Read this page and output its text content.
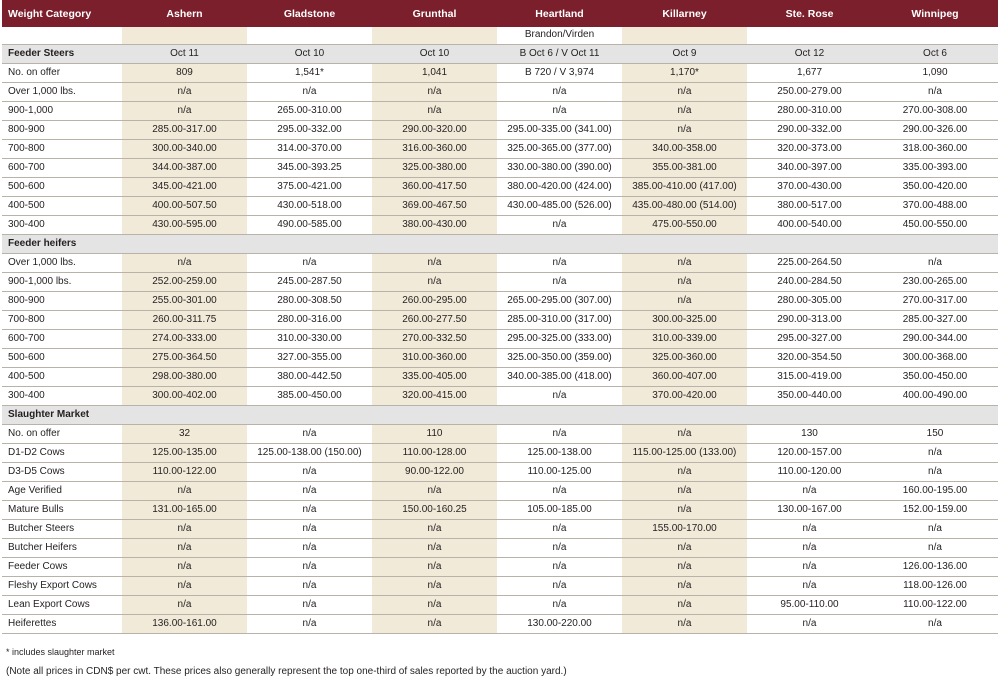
Weight Category	Ashern	Gladstone	Grunthal	Heartland	Killarney	Ste. Rose	Winnipeg
				Brandon/Virden			
Feeder Steers	Oct 11	Oct 10	Oct 10	B Oct 6 / V Oct 11	Oct 9	Oct 12	Oct 6
No. on offer	809	1,541*	1,041	B 720 / V 3,974	1,170*	1,677	1,090
Over 1,000 lbs.	n/a	n/a	n/a	n/a	n/a	250.00-279.00	n/a
900-1,000	n/a	265.00-310.00	n/a	n/a	n/a	280.00-310.00	270.00-308.00
800-900	285.00-317.00	295.00-332.00	290.00-320.00	295.00-335.00 (341.00)	n/a	290.00-332.00	290.00-326.00
700-800	300.00-340.00	314.00-370.00	316.00-360.00	325.00-365.00 (377.00)	340.00-358.00	320.00-373.00	318.00-360.00
600-700	344.00-387.00	345.00-393.25	325.00-380.00	330.00-380.00 (390.00)	355.00-381.00	340.00-397.00	335.00-393.00
500-600	345.00-421.00	375.00-421.00	360.00-417.50	380.00-420.00 (424.00)	385.00-410.00 (417.00)	370.00-430.00	350.00-420.00
400-500	400.00-507.50	430.00-518.00	369.00-467.50	430.00-485.00 (526.00)	435.00-480.00 (514.00)	380.00-517.00	370.00-488.00
300-400	430.00-595.00	490.00-585.00	380.00-430.00	n/a	475.00-550.00	400.00-540.00	450.00-550.00
Feeder heifers							
Over 1,000 lbs.	n/a	n/a	n/a	n/a	n/a	225.00-264.50	n/a
900-1,000 lbs.	252.00-259.00	245.00-287.50	n/a	n/a	n/a	240.00-284.50	230.00-265.00
800-900	255.00-301.00	280.00-308.50	260.00-295.00	265.00-295.00 (307.00)	n/a	280.00-305.00	270.00-317.00
700-800	260.00-311.75	280.00-316.00	260.00-277.50	285.00-310.00 (317.00)	300.00-325.00	290.00-313.00	285.00-327.00
600-700	274.00-333.00	310.00-330.00	270.00-332.50	295.00-325.00 (333.00)	310.00-339.00	295.00-327.00	290.00-344.00
500-600	275.00-364.50	327.00-355.00	310.00-360.00	325.00-350.00 (359.00)	325.00-360.00	320.00-354.50	300.00-368.00
400-500	298.00-380.00	380.00-442.50	335.00-405.00	340.00-385.00 (418.00)	360.00-407.00	315.00-419.00	350.00-450.00
300-400	300.00-402.00	385.00-450.00	320.00-415.00	n/a	370.00-420.00	350.00-440.00	400.00-490.00
Slaughter Market							
No. on offer	32	n/a	110	n/a	n/a	130	150
D1-D2 Cows	125.00-135.00	125.00-138.00 (150.00)	110.00-128.00	125.00-138.00	115.00-125.00 (133.00)	120.00-157.00	n/a
D3-D5 Cows	110.00-122.00	n/a	90.00-122.00	110.00-125.00	n/a	110.00-120.00	n/a
Age Verified	n/a	n/a	n/a	n/a	n/a	n/a	160.00-195.00
Mature Bulls	131.00-165.00	n/a	150.00-160.25	105.00-185.00	n/a	130.00-167.00	152.00-159.00
Butcher Steers	n/a	n/a	n/a	n/a	155.00-170.00	n/a	n/a
Butcher Heifers	n/a	n/a	n/a	n/a	n/a	n/a	n/a
Feeder Cows	n/a	n/a	n/a	n/a	n/a	n/a	126.00-136.00
Fleshy Export Cows	n/a	n/a	n/a	n/a	n/a	n/a	118.00-126.00
Lean Export Cows	n/a	n/a	n/a	n/a	n/a	95.00-110.00	110.00-122.00
Heiferettes	136.00-161.00	n/a	n/a	130.00-220.00	n/a	n/a	n/a
* includes slaughter market
(Note all prices in CDN$ per cwt. These prices also generally represent the top one-third of sales reported by the auction yard.)
